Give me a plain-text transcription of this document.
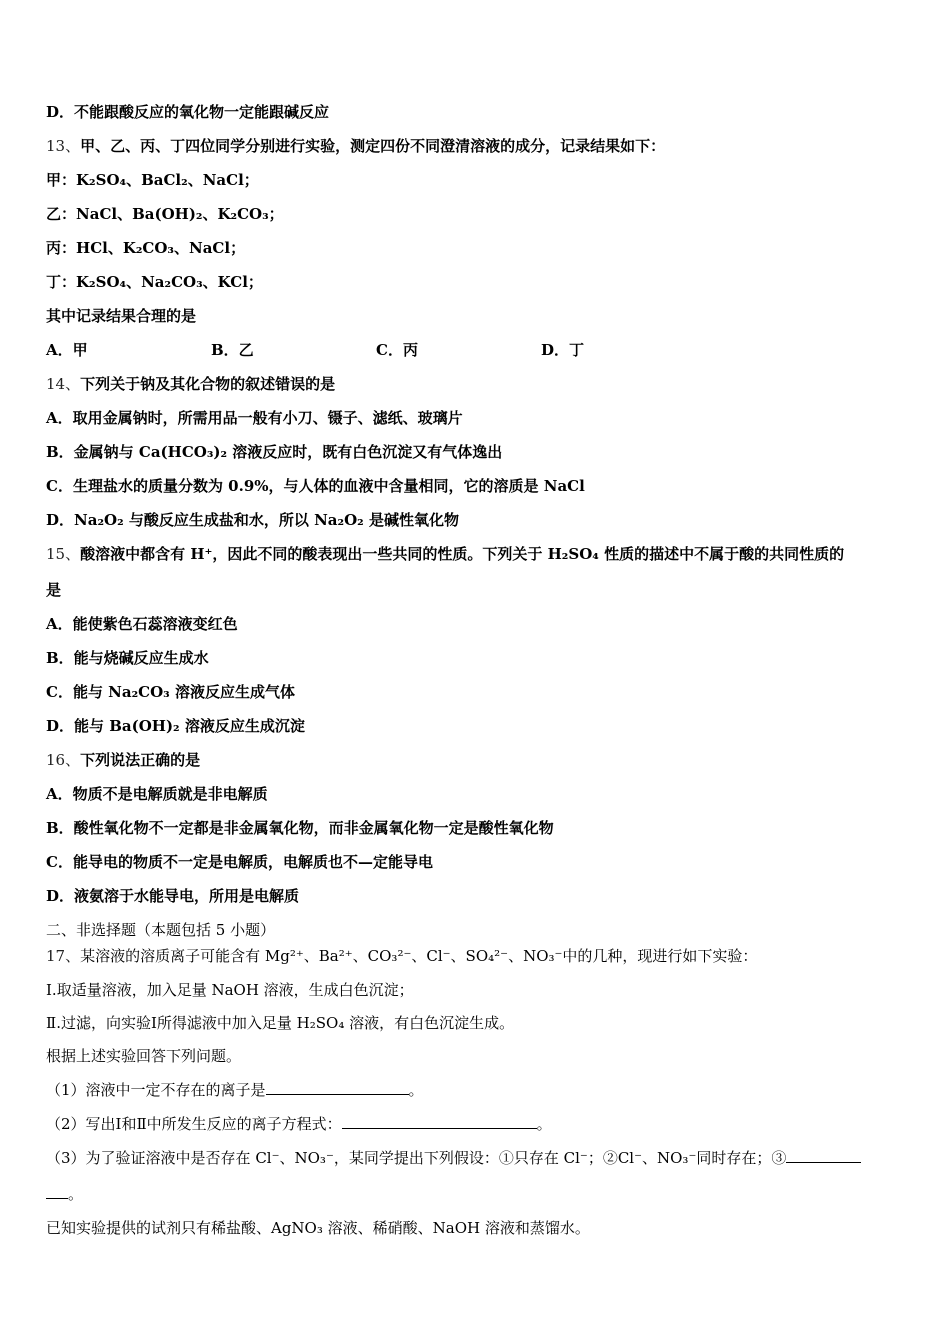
D．不能跟酸反应的氧化物一定能跟碱反应
13、甲、乙、丙、丁四位同学分别进行实验，测定四份不同澄清溶液的成分，记录结果如下：
甲：K₂SO₄、BaCl₂、NaCl；
乙：NaCl、Ba(OH)₂、K₂CO₃；
丙：HCl、K₂CO₃、NaCl；
丁：K₂SO₄、Na₂CO₃、KCl；
其中记录结果合理的是
A．甲	B．乙	C．丙	D．丁
14、下列关于钠及其化合物的叙述错误的是
A．取用金属钠时，所需用品一般有小刀、镊子、滤纸、玻璃片
B．金属钠与 Ca(HCO₃)₂ 溶液反应时，既有白色沉淀又有气体逸出
C．生理盐水的质量分数为 0.9%，与人体的血液中含量相同，它的溶质是 NaCl
D．Na₂O₂ 与酸反应生成盐和水，所以 Na₂O₂ 是碱性氧化物
15、酸溶液中都含有 H⁺，因此不同的酸表现出一些共同的性质。下列关于 H₂SO₄ 性质的描述中不属于酸的共同性质的
是
A．能使紫色石蕊溶液变红色
B．能与烧碱反应生成水
C．能与 Na₂CO₃ 溶液反应生成气体
D．能与 Ba(OH)₂ 溶液反应生成沉淀
16、下列说法正确的是
A．物质不是电解质就是非电解质
B．酸性氧化物不一定都是非金属氧化物，而非金属氧化物一定是酸性氧化物
C．能导电的物质不一定是电解质，电解质也不—定能导电
D．液氨溶于水能导电，所用是电解质
二、非选择题（本题包括 5 小题）
17、某溶液的溶质离子可能含有 Mg²⁺、Ba²⁺、CO₃²⁻、Cl⁻、SO₄²⁻、NO₃⁻中的几种，现进行如下实验：
Ⅰ.取适量溶液，加入足量 NaOH 溶液，生成白色沉淀；
Ⅱ.过滤，向实验Ⅰ所得滤液中加入足量 H₂SO₄ 溶液，有白色沉淀生成。
根据上述实验回答下列问题。
（1）溶液中一定不存在的离子是	。
（2）写出Ⅰ和Ⅱ中所发生反应的离子方程式：	。
（3）为了验证溶液中是否存在 Cl⁻、NO₃⁻，某同学提出下列假设：①只存在 Cl⁻；②Cl⁻、NO₃⁻同时存在；③
。
已知实验提供的试剂只有稀盐酸、AgNO₃ 溶液、稀硝酸、NaOH 溶液和蒸馏水。
